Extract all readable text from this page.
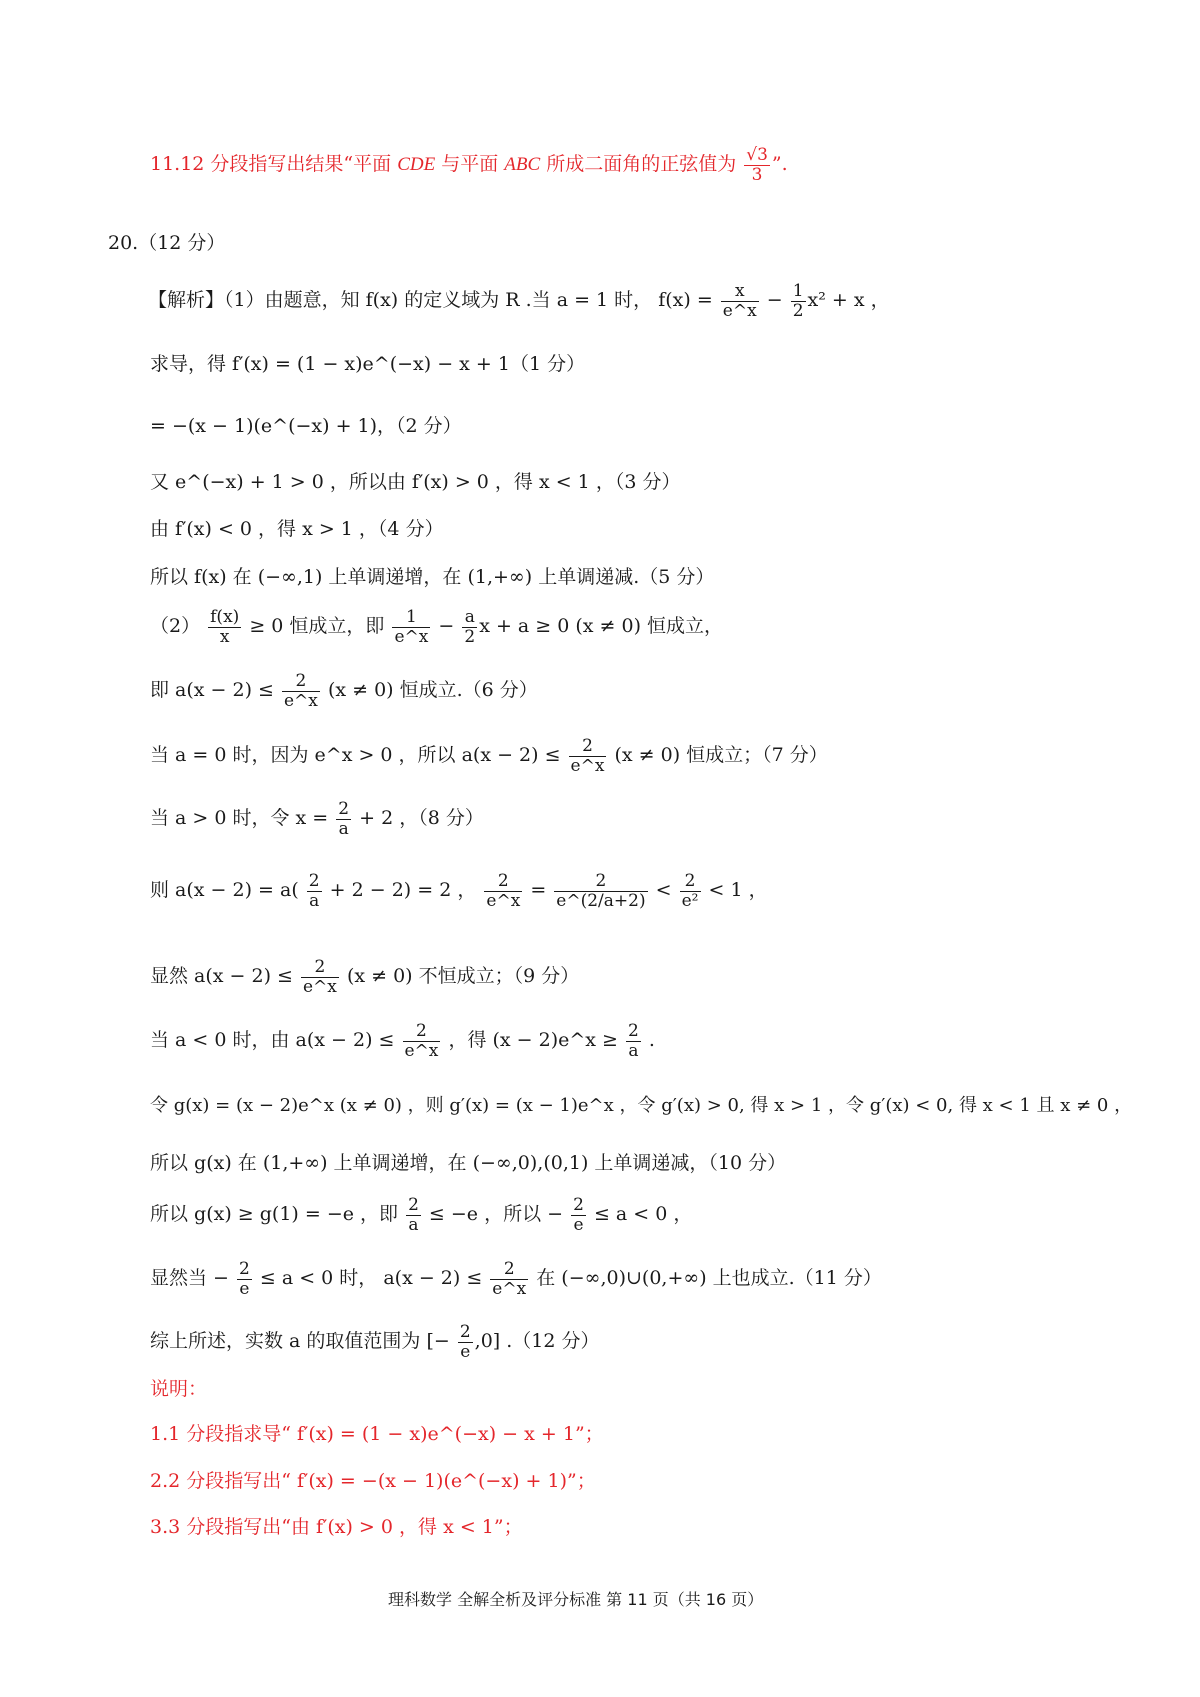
11.12 分段指写出结果“平面 CDE 与平面 ABC 所成二面角的正弦值为 $\frac{√3}{3}$ ”.
20.（12 分）
【解析】（1）由题意，知 f(x) 的定义域为 R .当 a = 1 时， $f(x) = \frac{x}{e\^{}x} - \frac{1}{2} x^2 + x$ ，
求导，得 f′(x) = (1 − x)e^(−x) − x + 1（1 分）
= −(x − 1)(e^(−x) + 1)，（2 分）
又 e^(−x) + 1 > 0 ，所以由 f′(x) > 0 ，得 x < 1 ，（3 分）
由 f′(x) < 0 ，得 x > 1 ，（4 分）
所以 f(x) 在 (−∞,1) 上单调递增，在 (1,+∞) 上单调递减.（5 分）
$(2) \frac{f(x)}{x} \ge 0$ 恒成立，即 $\frac{1}{e\^{}x} - \frac{a}{2}$ x + a ≥ 0 (x ≠ 0) 恒成立，
即 $a(x - 2) \le \frac{2}{e\^{}x} (x \ne 0)$ 恒成立.（6 分）
当 a = 0 时，因为 e^x > 0 ，所以 $a(x - 2) \le \frac{2}{e\^{}x} (x \ne 0)$ 恒成立；（7 分）
当 a > 0 时，令 $x = \frac{2}{a} + 2$ ，（8 分）
则 $a(x - 2) = a( \frac{2}{a} + 2 - 2) = 2$ ， $\frac{2}{e\^{}x} = \frac{2}{e\^{}(2/a+2)} < \frac{2}{\text{e²}} < 1$ ，
显然 $a(x - 2) \le \frac{2}{e\^{}x} (x \ne 0)$ 不恒成立；（9 分）
当 a < 0 时，由 $a(x - 2) \le \frac{2}{e\^{}x}$ ，得 (x − 2)e^x ≥ $\frac{2}{a}$ .
令 g(x) = (x − 2)e^x (x ≠ 0) ，则 g′(x) = (x − 1)e^x ，令 g′(x) > 0, 得 x > 1 ，令 g′(x) < 0, 得 x < 1 且 x ≠ 0 ，
所以 g(x) 在 (1,+∞) 上单调递增，在 (−∞,0),(0,1) 上单调递减，（10 分）
所以 g(x) ≥ g(1) = −e ，即 $\frac{2}{a} \le -e$ ，所以 − $\frac{2}{e} \le a < 0$ ，
显然当 − $\frac{2}{e} \le a < 0$ 时， $a(x - 2) \le \frac{2}{e\^{}x}$ 在 (−∞,0)∪(0,+∞) 上也成立.（11 分）
综上所述，实数 a 的取值范围为 [− $\frac{2}{e} ,0$] .（12 分）
说明：
1.1 分段指求导“ f′(x) = (1 − x)e^(−x) − x + 1”；
2.2 分段指写出“ f′(x) = −(x − 1)(e^(−x) + 1)”；
3.3 分段指写出“由 f′(x) > 0 ，得 x < 1”；
理科数学 全解全析及评分标准 第 11 页（共 16 页）
